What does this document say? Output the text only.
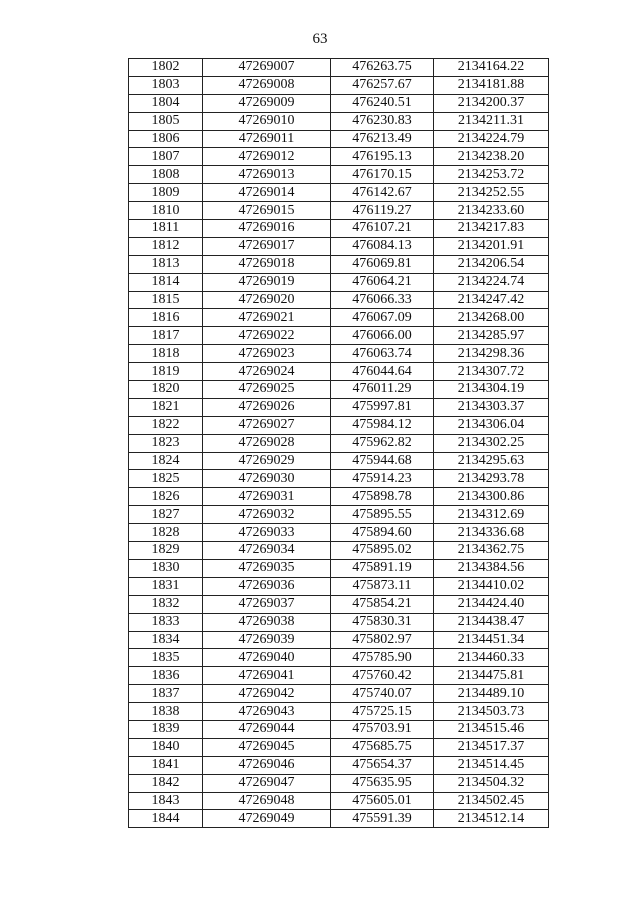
63
1802	47269007	476263.75	2134164.22
1803	47269008	476257.67	2134181.88
1804	47269009	476240.51	2134200.37
1805	47269010	476230.83	2134211.31
1806	47269011	476213.49	2134224.79
1807	47269012	476195.13	2134238.20
1808	47269013	476170.15	2134253.72
1809	47269014	476142.67	2134252.55
1810	47269015	476119.27	2134233.60
1811	47269016	476107.21	2134217.83
1812	47269017	476084.13	2134201.91
1813	47269018	476069.81	2134206.54
1814	47269019	476064.21	2134224.74
1815	47269020	476066.33	2134247.42
1816	47269021	476067.09	2134268.00
1817	47269022	476066.00	2134285.97
1818	47269023	476063.74	2134298.36
1819	47269024	476044.64	2134307.72
1820	47269025	476011.29	2134304.19
1821	47269026	475997.81	2134303.37
1822	47269027	475984.12	2134306.04
1823	47269028	475962.82	2134302.25
1824	47269029	475944.68	2134295.63
1825	47269030	475914.23	2134293.78
1826	47269031	475898.78	2134300.86
1827	47269032	475895.55	2134312.69
1828	47269033	475894.60	2134336.68
1829	47269034	475895.02	2134362.75
1830	47269035	475891.19	2134384.56
1831	47269036	475873.11	2134410.02
1832	47269037	475854.21	2134424.40
1833	47269038	475830.31	2134438.47
1834	47269039	475802.97	2134451.34
1835	47269040	475785.90	2134460.33
1836	47269041	475760.42	2134475.81
1837	47269042	475740.07	2134489.10
1838	47269043	475725.15	2134503.73
1839	47269044	475703.91	2134515.46
1840	47269045	475685.75	2134517.37
1841	47269046	475654.37	2134514.45
1842	47269047	475635.95	2134504.32
1843	47269048	475605.01	2134502.45
1844	47269049	475591.39	2134512.14
